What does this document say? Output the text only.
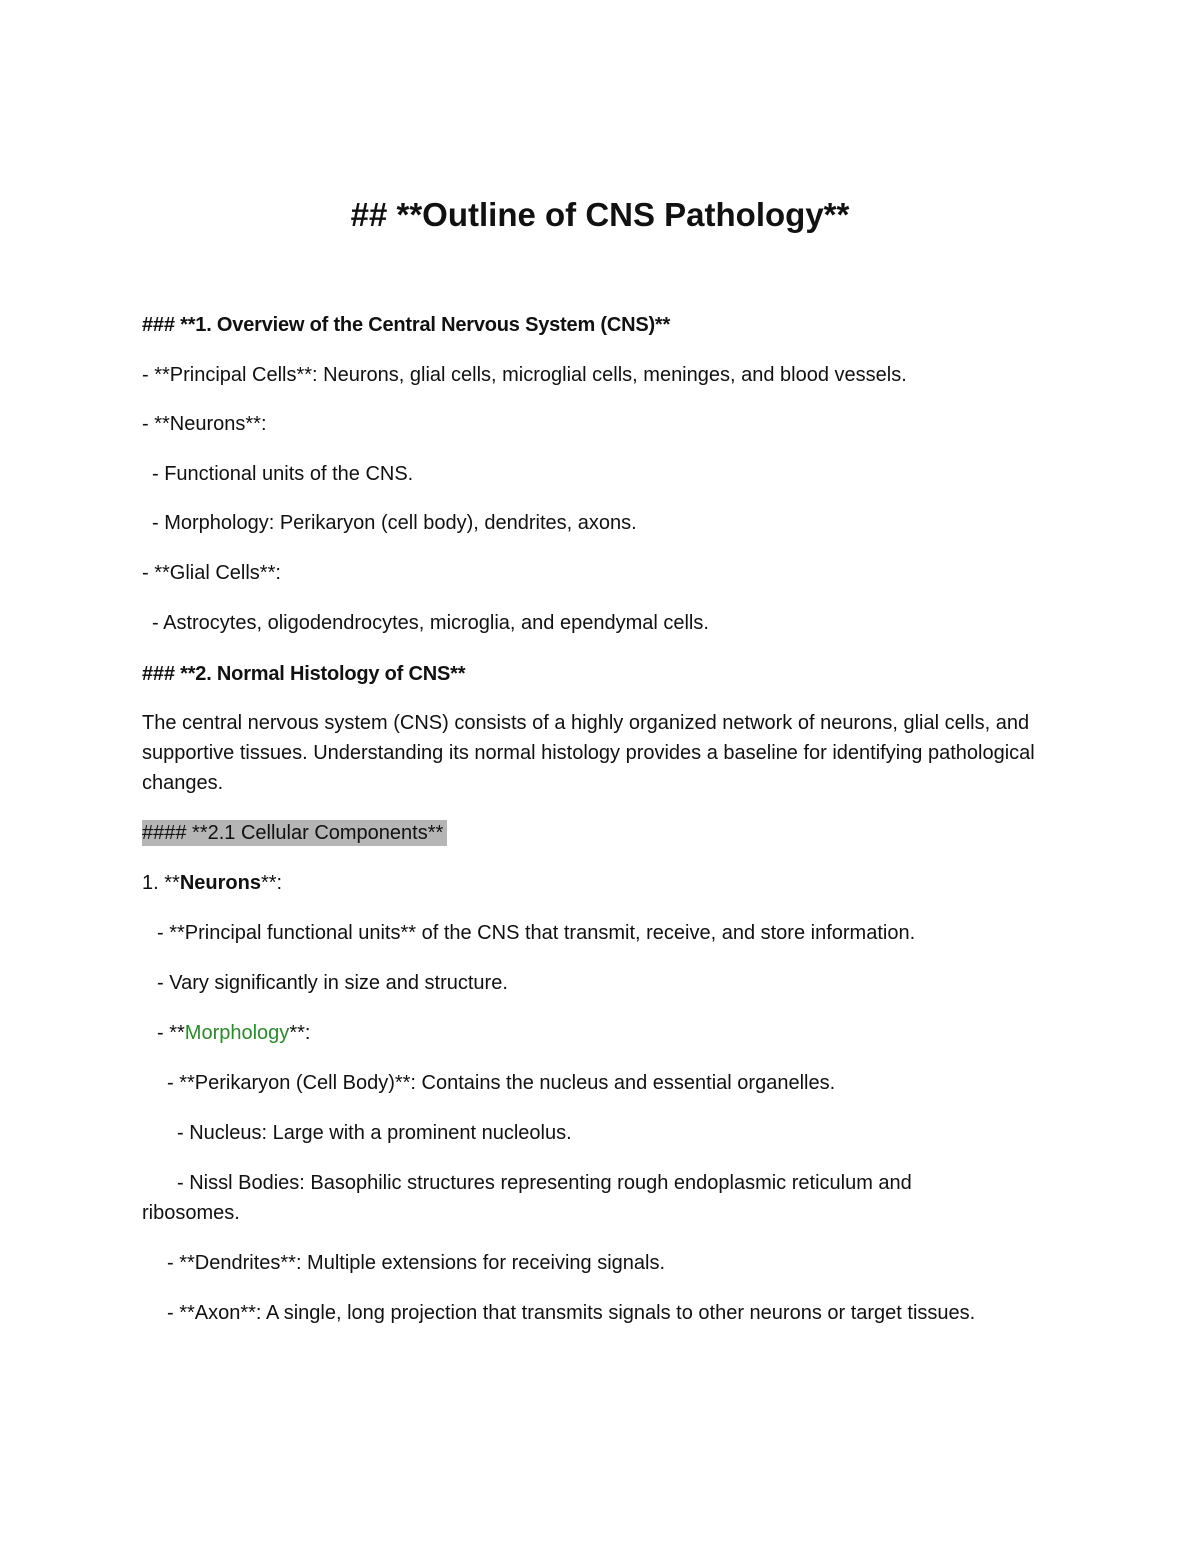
## **Outline of CNS Pathology**
### **1. Overview of the Central Nervous System (CNS)**
- **Principal Cells**: Neurons, glial cells, microglial cells, meninges, and blood vessels.
- **Neurons**:
- Functional units of the CNS.
- Morphology: Perikaryon (cell body), dendrites, axons.
- **Glial Cells**:
- Astrocytes, oligodendrocytes, microglia, and ependymal cells.
### **2. Normal Histology of CNS**
The central nervous system (CNS) consists of a highly organized network of neurons, glial cells, and supportive tissues. Understanding its normal histology provides a baseline for identifying pathological changes.
#### **2.1 Cellular Components**
1. **Neurons**:
- **Principal functional units** of the CNS that transmit, receive, and store information.
- Vary significantly in size and structure.
- **Morphology**:
- **Perikaryon (Cell Body)**: Contains the nucleus and essential organelles.
- Nucleus: Large with a prominent nucleolus.
- Nissl Bodies: Basophilic structures representing rough endoplasmic reticulum and
ribosomes.
- **Dendrites**: Multiple extensions for receiving signals.
- **Axon**: A single, long projection that transmits signals to other neurons or target tissues.
